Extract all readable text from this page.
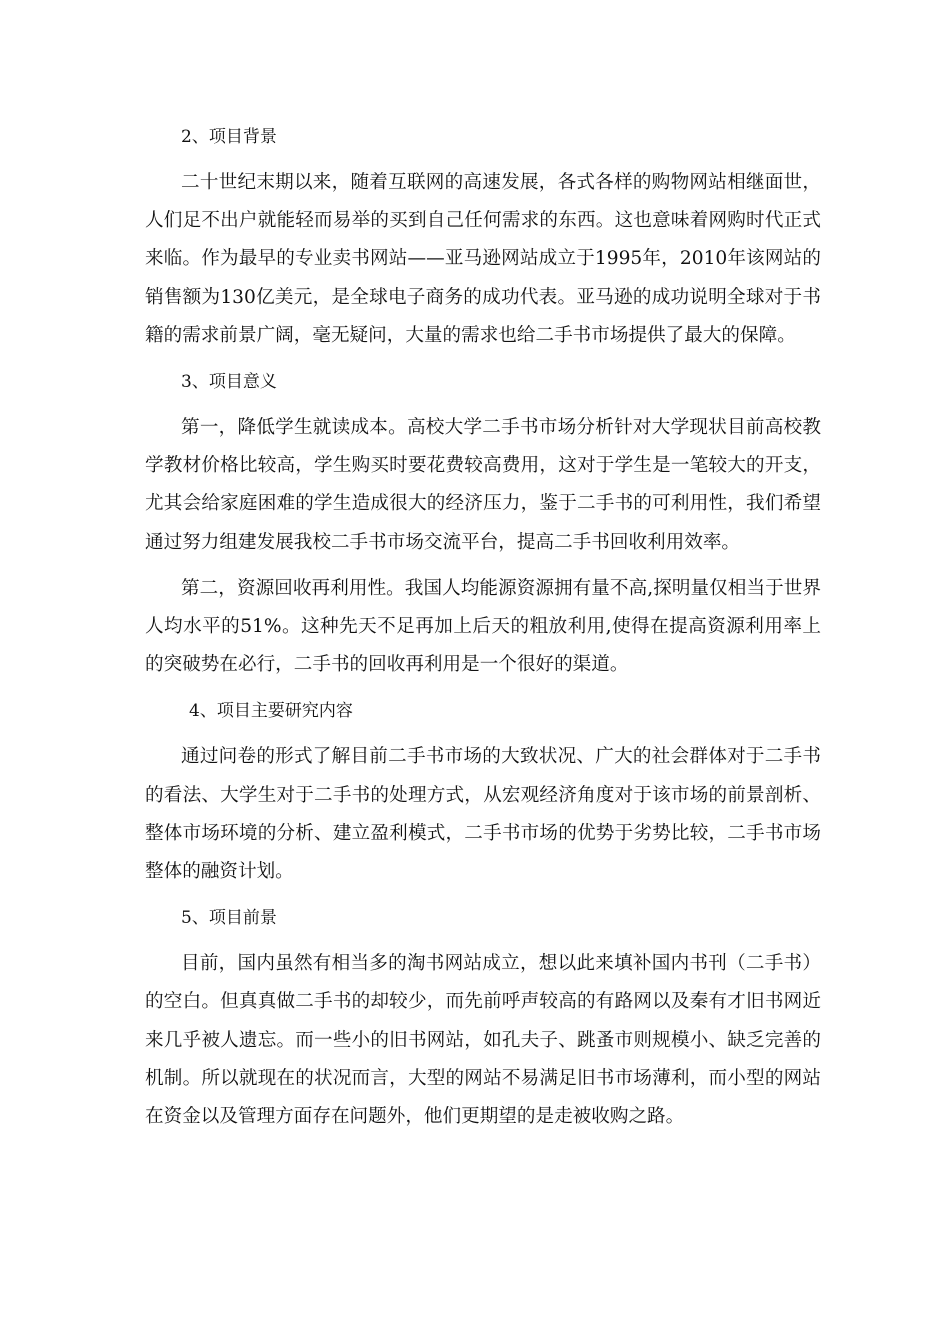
2、项目背景

二十世纪末期以来，随着互联网的高速发展，各式各样的购物网站相继面世，人们足不出户就能轻而易举的买到自己任何需求的东西。这也意味着网购时代正式来临。作为最早的专业卖书网站——亚马逊网站成立于1995年，2010年该网站的销售额为130亿美元，是全球电子商务的成功代表。亚马逊的成功说明全球对于书籍的需求前景广阔，毫无疑问，大量的需求也给二手书市场提供了最大的保障。

3、项目意义

第一，降低学生就读成本。高校大学二手书市场分析针对大学现状目前高校教学教材价格比较高，学生购买时要花费较高费用，这对于学生是一笔较大的开支，尤其会给家庭困难的学生造成很大的经济压力，鉴于二手书的可利用性，我们希望通过努力组建发展我校二手书市场交流平台，提高二手书回收利用效率。

第二，资源回收再利用性。我国人均能源资源拥有量不高,探明量仅相当于世界人均水平的51%。这种先天不足再加上后天的粗放利用,使得在提高资源利用率上的突破势在必行，二手书的回收再利用是一个很好的渠道。

4、项目主要研究内容

通过问卷的形式了解目前二手书市场的大致状况、广大的社会群体对于二手书的看法、大学生对于二手书的处理方式，从宏观经济角度对于该市场的前景剖析、整体市场环境的分析、建立盈利模式，二手书市场的优势于劣势比较，二手书市场整体的融资计划。

5、项目前景

目前，国内虽然有相当多的淘书网站成立，想以此来填补国内书刊（二手书） 的空白。但真真做二手书的却较少，而先前呼声较高的有路网以及秦有才旧书网近来几乎被人遗忘。而一些小的旧书网站，如孔夫子、跳蚤市则规模小、缺乏完善的机制。所以就现在的状况而言，大型的网站不易满足旧书市场薄利，而小型的网站在资金以及管理方面存在问题外，他们更期望的是走被收购之路。
